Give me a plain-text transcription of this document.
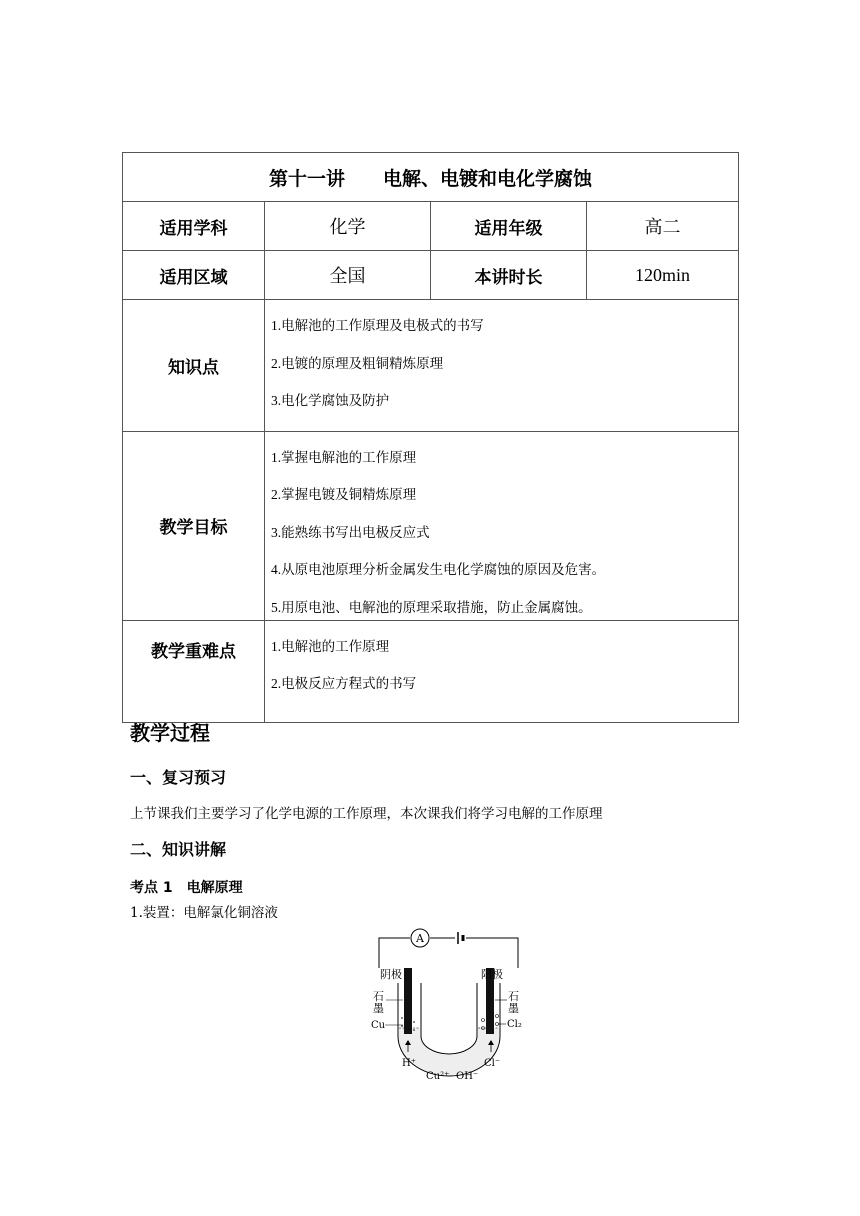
第十一讲　　电解、电镀和电化学腐蚀			
适用学科	化学	适用年级	高二
适用区域	全国	本讲时长	120min
知识点	1.电解池的工作原理及电极式的书写
2.电镀的原理及粗铜精炼原理
3.电化学腐蚀及防护		

教学目标	1.掌握电解池的工作原理
2.掌握电镀及铜精炼原理
3.能熟练书写出电极反应式
4.从原电池原理分析金属发生电化学腐蚀的原因及危害。
5.用原电池、电解池的原理采取措施，防止金属腐蚀。		

教学重难点	1.电解池的工作原理
2.电极反应方程式的书写		
教学过程
一、复习预习
上节课我们主要学习了化学电源的工作原理，本次课我们将学习电解的工作原理
二、知识讲解
考点 1 电解原理
1.装置：电解氯化铜溶液
A
阴极	阳极
石
墨
Cu
石
墨
Cl₂
H⁺	Cl⁻
Cu²⁺ OH⁻
